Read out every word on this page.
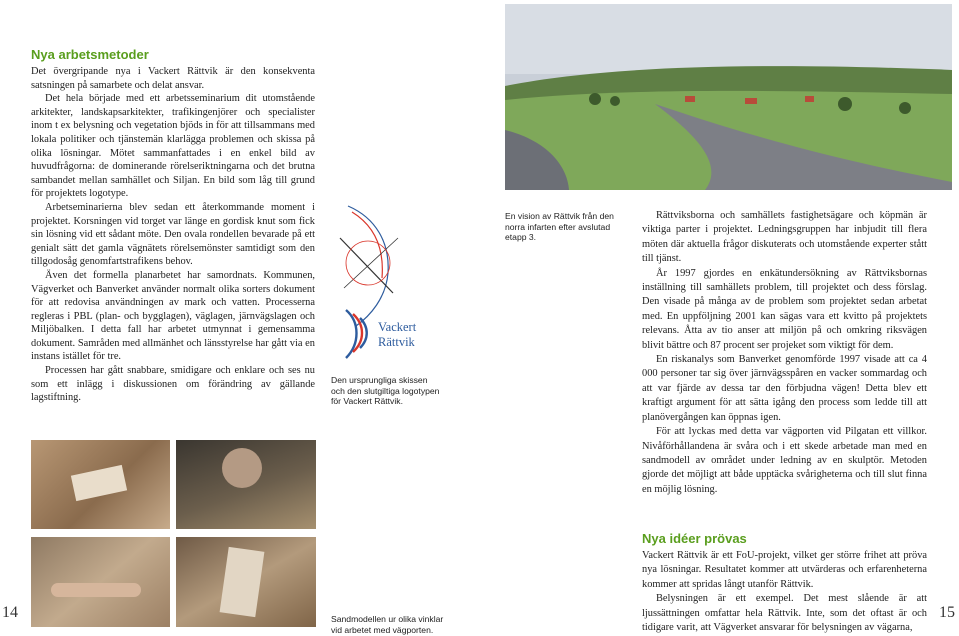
Nya arbetsmetoder

Det övergripande nya i Vackert Rättvik är den konsekventa satsningen på samarbete och delat ansvar.

Det hela började med ett arbetsseminarium dit utomstående arkitekter, landskapsarkitekter, trafikingenjörer och specialister inom t ex belysning och vegetation bjöds in för att tillsammans med lokala politiker och tjänstemän klarlägga problemen och skissa på olika lösningar. Mötet sammanfattades i en enkel bild av huvudfrågorna: de dominerande rörelseriktningarna och det brutna sambandet mellan samhället och Siljan. En bild som låg till grund för projektets logotype.

Arbetseminarierna blev sedan ett återkommande moment i projektet. Korsningen vid torget var länge en gordisk knut som fick sin lösning vid ett sådant möte. Den ovala rondellen bevarade på ett genialt sätt det gamla vägnätets rörelsemönster samtidigt som den tillgodosåg genomfartstrafikens behov.

Även det formella planarbetet har samordnats. Kommunen, Vägverket och Banverket använder normalt olika sorters dokument för att redovisa användningen av mark och vatten. Processerna regleras i PBL (plan- och bygglagen), väglagen, järnvägslagen och Miljöbalken. I detta fall har arbetet utmynnat i gemensamma dokument. Samråden med allmänhet och länsstyrelse har gått via en instans istället för tre.

Processen har gått snabbare, smidigare och enklare och ses nu som ett inlägg i diskussionen om förändring av gällande lagstiftning.

Vackert
Rättvik
Den ursprungliga skissen och den slutgiltiga logotypen för Vackert Rättvik.
Sandmodellen ur olika vinklar vid arbetet med vägporten.
En vision av Rättvik från den norra infarten efter avslutad etapp 3.

Rättviksborna och samhällets fastighetsägare och köpmän är viktiga parter i projektet. Ledningsgruppen har inbjudit till flera möten där aktuella frågor diskuterats och utomstående experter stått till tjänst.

År 1997 gjordes en enkätundersökning av Rättviksbornas inställning till samhällets problem, till projektet och dess förslag. Den visade på många av de problem som projektet sedan arbetat med. En uppföljning 2001 kan sägas vara ett kvitto på projektets relevans. Åtta av tio anser att miljön på och omkring riksvägen blivit bättre och 87 procent ser projeket som viktigt för dem.

En riskanalys som Banverket genomförde 1997 visade att ca 4 000 personer tar sig över järnvägsspåren en vacker sommardag och att var fjärde av dessa tar den förbjudna vägen! Detta blev ett kraftigt argument för att sätta igång den process som ledde till att planövergången kan öppnas igen.

För att lyckas med detta var vägporten vid Pilgatan ett villkor. Nivåförhållandena är svåra och i ett skede arbetade man med en sandmodell av området under ledning av en skulptör. Metoden gjorde det möjligt att både upptäcka svårigheterna och till slut finna en möjlig lösning.

Nya idéer prövas

Vackert Rättvik är ett FoU-projekt, vilket ger större frihet att pröva nya lösningar. Resultatet kommer att utvärderas och erfarenheterna kommer att spridas långt utanför Rättvik.

Belysningen är ett exempel. Det mest slående är att ljussättningen omfattar hela Rättvik. Inte, som det oftast är och tidigare varit, att Vägverket ansvarar för belysningen av vägarna,

14	15
